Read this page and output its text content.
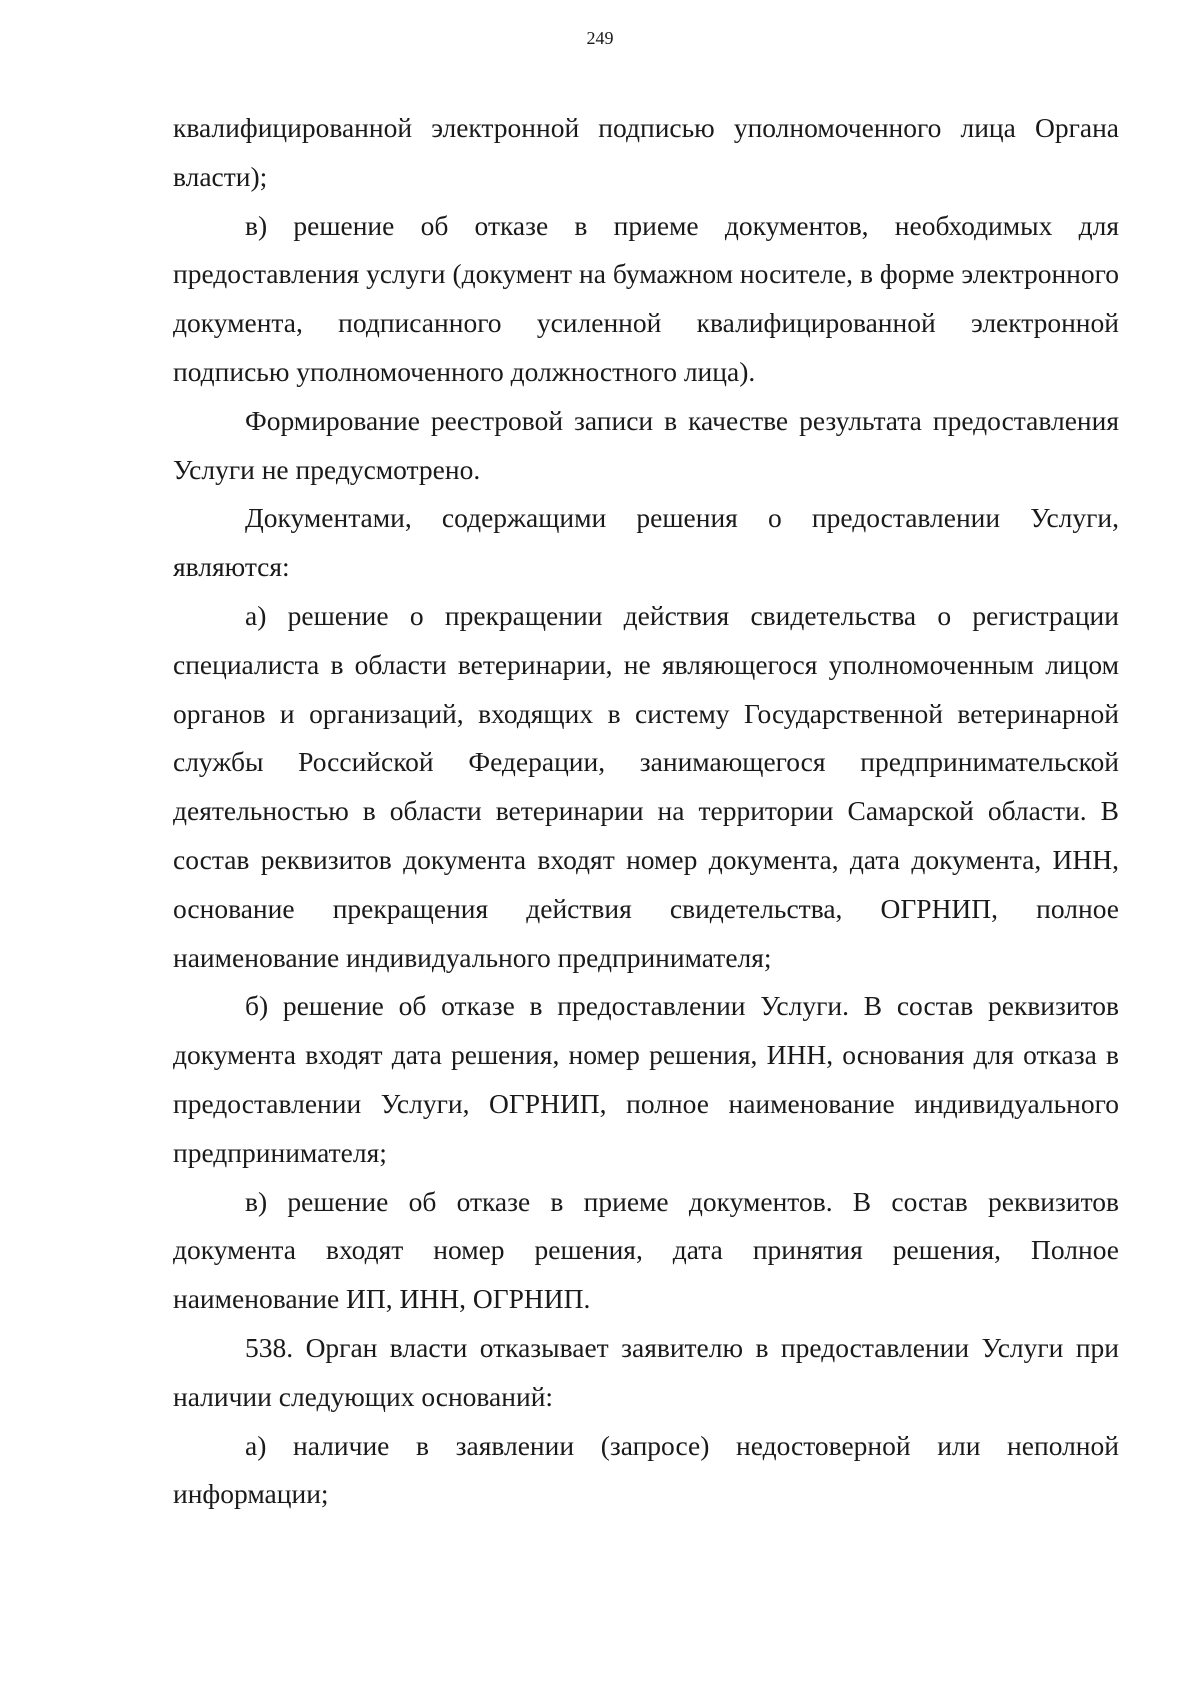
249

квалифицированной электронной подписью уполномоченного лица Органа власти);

в) решение об отказе в приеме документов, необходимых для предоставления услуги (документ на бумажном носителе, в форме электронного документа, подписанного усиленной квалифицированной электронной подписью уполномоченного должностного лица).

Формирование реестровой записи в качестве результата предоставления Услуги не предусмотрено.

Документами, содержащими решения о предоставлении Услуги, являются:

а) решение о прекращении действия свидетельства о регистрации специалиста в области ветеринарии, не являющегося уполномоченным лицом органов и организаций, входящих в систему Государственной ветеринарной службы Российской Федерации, занимающегося предпринимательской деятельностью в области ветеринарии на территории Самарской области. В состав реквизитов документа входят номер документа, дата документа, ИНН, основание прекращения действия свидетельства, ОГРНИП, полное наименование индивидуального предпринимателя;

б) решение об отказе в предоставлении Услуги. В состав реквизитов документа входят дата решения, номер решения, ИНН, основания для отказа в предоставлении Услуги, ОГРНИП, полное наименование индивидуального предпринимателя;

в) решение об отказе в приеме документов. В состав реквизитов документа входят номер решения, дата принятия решения, Полное наименование ИП, ИНН, ОГРНИП.

538. Орган власти отказывает заявителю в предоставлении Услуги при наличии следующих оснований:

а) наличие в заявлении (запросе) недостоверной или неполной информации;
